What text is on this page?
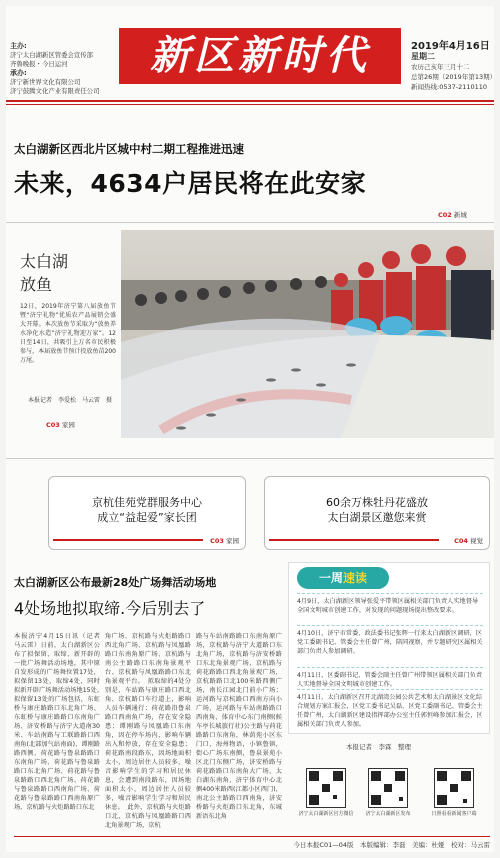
主办:
济宁太白湖新区管委会宣传部
齐鲁晚报・今日运河
承办:
济宁新世界文化有限公司
济宁鼓腾文化产业有限责任公司
新区新时代	2019年4月16日
星期二
农历己亥年三月十二
总第26期（2019年第13期）
新闻热线:0537-2110110
太白湖新区西北片区城中村二期工程推进迅速
未来，4634户居民将在此安家
C02 新城
太白湖
放鱼
12日，2019年济宁第八届放鱼节暨“济宁礼物”优质农产品展销会盛大开幕。本次放鱼节采取为“放鱼养水净化水造”济宁礼物迎万家”。12日至14日，共吸引上万名市民积极参与，本届放鱼节预计投放鱼苗200万尾。
本报记者　李爱松　马云雷　摄
C03 家园
京杭佳苑党群服务中心
成立“益起爱”家长团
C03 家园
60余万株牡丹花盛放
太白湖景区邀您来赏
C04 视觉
太白湖新区公布最新28处广场舞活动场地
4处场地拟取缔.今后别去了
本报济宁4月15日讯（记者　马云雷）日前，太白湖新区公布了拟保留、取缔、新开辟的一批广场舞活动场地，其中原自发形成的广场舞位置17处，拟保留13处，取缔4处，同时拟新开辟广场舞活动场地15处。　拟保留13处的广场包括，东虹桥与康庄路路口东北角广场、东虹桥与康庄路路口东南角广场、济安桥路与济宁大道南30米、车站南路与工联路路口西南角(北部加气站南面)、谭刚路路西侧、荷花路与鲁泉路路口东南角广场、荷花路与鲁泉路路口东北角广场、荷花路与鲁泉路路口西北角广场、荷花路与鲁泉路路口西南角广场、荷花路与鲁泉路路口西南角原广场、京杭路与火炬路路口东北
角广场、京杭路与火炬路路口西北角广场、京杭路与凤凰路路口东南角原广场、京杭路与南公主路路口东南角景观平台、京杭路与凤凰路路口东北角景观平台。　拟取缔的4处分别是，车站路与康庄路口西北角、京杭路口车行道上，影响人员车辆通行；荷花路沿鲁泉路口西南角广场，存在安全隐患；谭刚路与凤凰路口东南角，因在停车场内，影响车辆出入和停放，存在安全隐患；荷花路南段路东，因场地面积太小，周边居住人员较多，噪音影响学生的学习和居民休息，会遭到南段路东，因场地面积太小，周边居住人员较多，噪音影响学生学习和居民休息。　此外，京杭路与火炬路口北，京杭路与凤凰路路口西北角景观广场，京杭
路与车站南路路口东南角原广场，京杭路与济宁大道路口东北角广场，京杭路与济安桥路口东北角景观广场，京杭路与荷花路路口西北角景观广场，京杭路路口北100米路西侧广场，南长江园北门前小广场；运河路与京杭路口西南方向小广场，运河路与车站南路路口西南角，体育中心东门南侧(候车亭长城旅行社)公主路与荷花路路口东南角，林荫苑小区东门口，海州物语，小镇鲁镇，街心广场东南侧，鲁泉景苑小区北门东侧广场，济安桥路与荷花路路口东南角大广场，太白湖东南角，济宁体育中心北侧400米路西(江都小区西门)，南北公主路路口西南角，济安桥路与火炬路口东北角，东城新语东北角
一周速读
4月9日，太白湖新区领导张爱平带领区属相关部门负责人实地督导全国文明城市创建工作，对发现的问题现场提出整改要求。
4月10日，济宁市常委、政法委书记张辉一行来太白湖新区调研，区党工委副书记、管委会主任曾广州，陪同视察，并专题研究区属相关部门负责人参加调研。
4月11日，区委副书记、管委会副主任曾广州带领区属相关部门负责人实地督导全国文明城市创建工作。
4月11日，太白湖新区召开北湖湾公园公共艺术和太白湖景区文化综合规划方案汇报会，区党工委书记吴磊、区党工委副书记、管委会主任曾广州，太白湖新区建设指挥部办公室主任郭恒峰参加汇报会，区属相关部门负责人参加。
本报记者　李霖　整理
济宁太白湖新区官方微信	济宁太白湖新区发布	日照看看新闻客户端
今日本报C01—04版　本版编辑：李磊　美编：杜娅　校对：马云雷
